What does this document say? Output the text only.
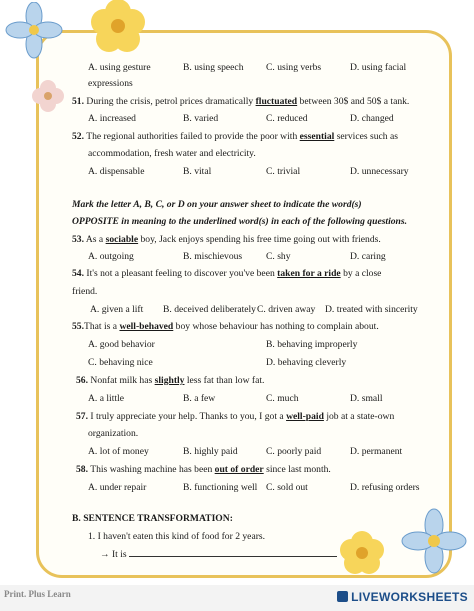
A. using gesture	B. using speech C. using verbs	D. using facial
expressions
51. During the crisis, petrol prices dramatically fluctuated between 30$ and 50$ a tank.
A. increased	B. varied	C. reduced	D. changed
52. The regional authorities failed to provide the poor with essential services such as
accommodation, fresh water and electricity.
A. dispensable	B. vital	C. trivial	D. unnecessary
Mark the letter A, B, C, or D on your answer sheet to indicate the word(s)
OPPOSITE in meaning to the underlined word(s) in each of the following questions.
53. As a sociable boy, Jack enjoys spending his free time going out with friends.
A. outgoing	B. mischievous C. shy	D. caring
54. It's not a pleasant feeling to discover you've been taken for a ride by a close
friend.
A. given a lift B. deceived deliberately C. driven away D. treated with sincerity
55.That is a well-behaved boy whose behaviour has nothing to complain about.
A. good behavior	B. behaving improperly
C. behaving nice	D. behaving cleverly
56. Nonfat milk has slightly less fat than low fat.
A. a little	B. a few	C. much	D. small
57. I truly appreciate your help. Thanks to you, I got a well-paid job at a state-own
organization.
A. lot of money	B. highly paid	C. poorly paid	D. permanent
58. This washing machine has been out of order since last month.
A. under repair	B. functioning well C. sold out	D. refusing orders
B. SENTENCE TRANSFORMATION:
1. I haven't eaten this kind of food for 2 years.
→ It is
Print. Plus Learn	LIVEWORKSHEETS
